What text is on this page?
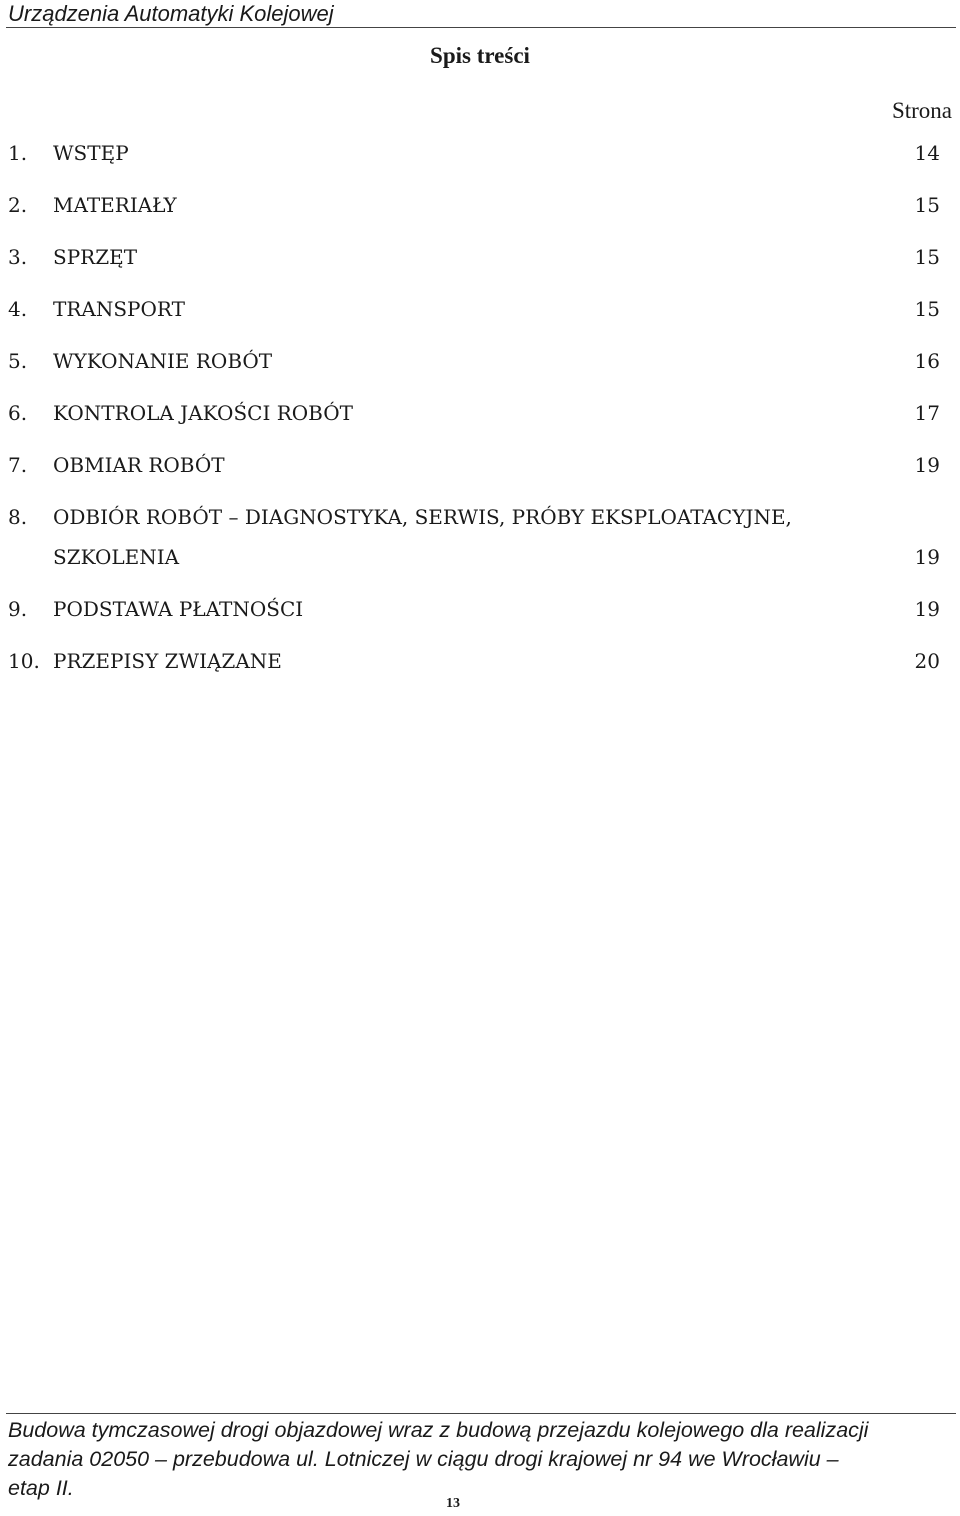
Urządzenia Automatyki Kolejowej
Spis treści
Strona
1. WSTĘP	14
2. MATERIAŁY	15
3. SPRZĘT	15
4. TRANSPORT	15
5. WYKONANIE ROBÓT	16
6. KONTROLA JAKOŚCI ROBÓT	17
7. OBMIAR ROBÓT	19
8. ODBIÓR ROBÓT – DIAGNOSTYKA, SERWIS, PRÓBY EKSPLOATACYJNE,
SZKOLENIA	19
9. PODSTAWA PŁATNOŚCI	19
10. PRZEPISY ZWIĄZANE	20
Budowa tymczasowej drogi objazdowej wraz z budową przejazdu kolejowego dla realizacji
zadania 02050 – przebudowa ul. Lotniczej w ciągu drogi krajowej nr 94 we Wrocławiu –
etap II.
13
